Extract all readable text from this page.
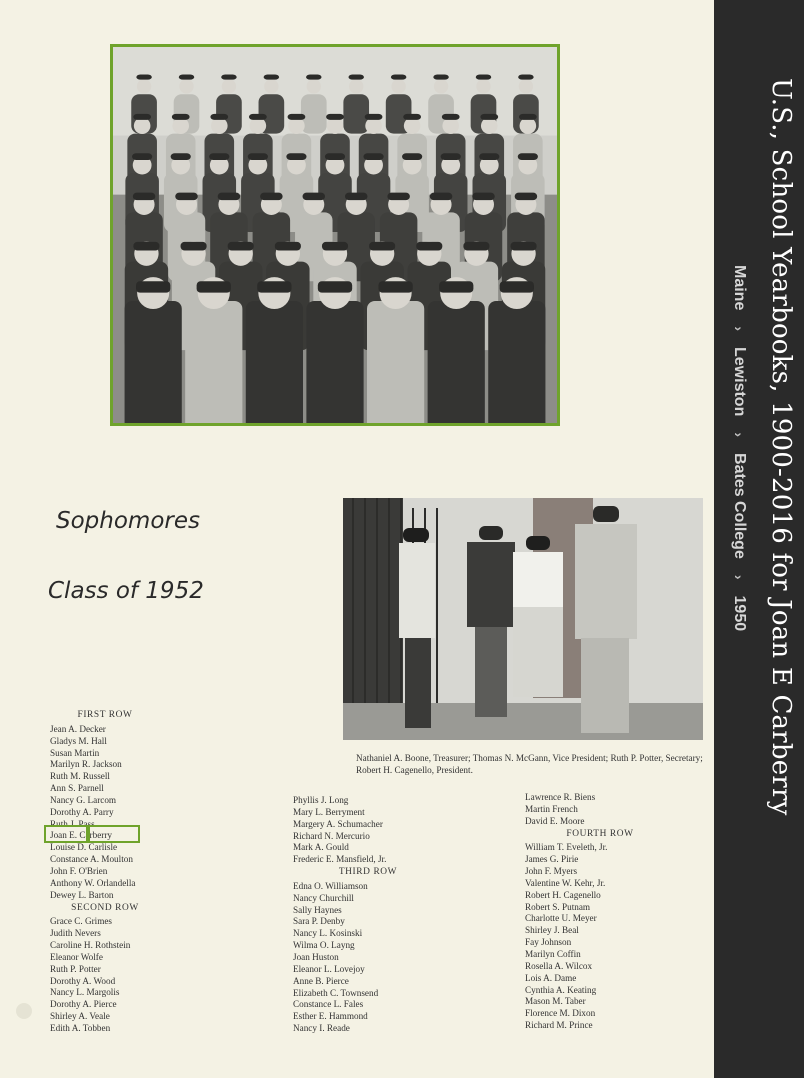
Sophomores
Class of 1952
Nathaniel A. Boone, Treasurer; Thomas N. McGann, Vice President; Ruth P. Potter, Secretary; Robert H. Cagenello, President.
FIRST ROW
Jean A. Decker
Gladys M. Hall
Susan Martin
Marilyn R. Jackson
Ruth M. Russell
Ann S. Parnell
Nancy G. Larcom
Dorothy A. Parry
Ruth J. Pass
Joan E. Carberry
Louise D. Carlisle
Constance A. Moulton
John F. O'Brien
Anthony W. Orlandella
Dewey L. Barton
SECOND ROW
Grace C. Grimes
Judith Nevers
Caroline H. Rothstein
Eleanor Wolfe
Ruth P. Potter
Dorothy A. Wood
Nancy L. Margolis
Dorothy A. Pierce
Shirley A. Veale
Edith A. Tobben
Phyllis J. Long
Mary L. Berryment
Margery A. Schumacher
Richard N. Mercurio
Mark A. Gould
Frederic E. Mansfield, Jr.
THIRD ROW
Edna O. Williamson
Nancy Churchill
Sally Haynes
Sara P. Denby
Nancy L. Kosinski
Wilma O. Layng
Joan Huston
Eleanor L. Lovejoy
Anne B. Pierce
Elizabeth C. Townsend
Constance L. Fales
Esther E. Hammond
Nancy I. Reade
Lawrence R. Biens
Martin French
David E. Moore
FOURTH ROW
William T. Eveleth, Jr.
James G. Pirie
John F. Myers
Valentine W. Kehr, Jr.
Robert H. Cagenello
Robert S. Putnam
Charlotte U. Meyer
Shirley J. Beal
Fay Johnson
Marilyn Coffin
Rosella A. Wilcox
Lois A. Dame
Cynthia A. Keating
Mason M. Taber
Florence M. Dixon
Richard M. Prince
U.S., School Yearbooks, 1900-2016 for Joan E Carberry
Maine
›
Lewiston
›
Bates College
›
1950
